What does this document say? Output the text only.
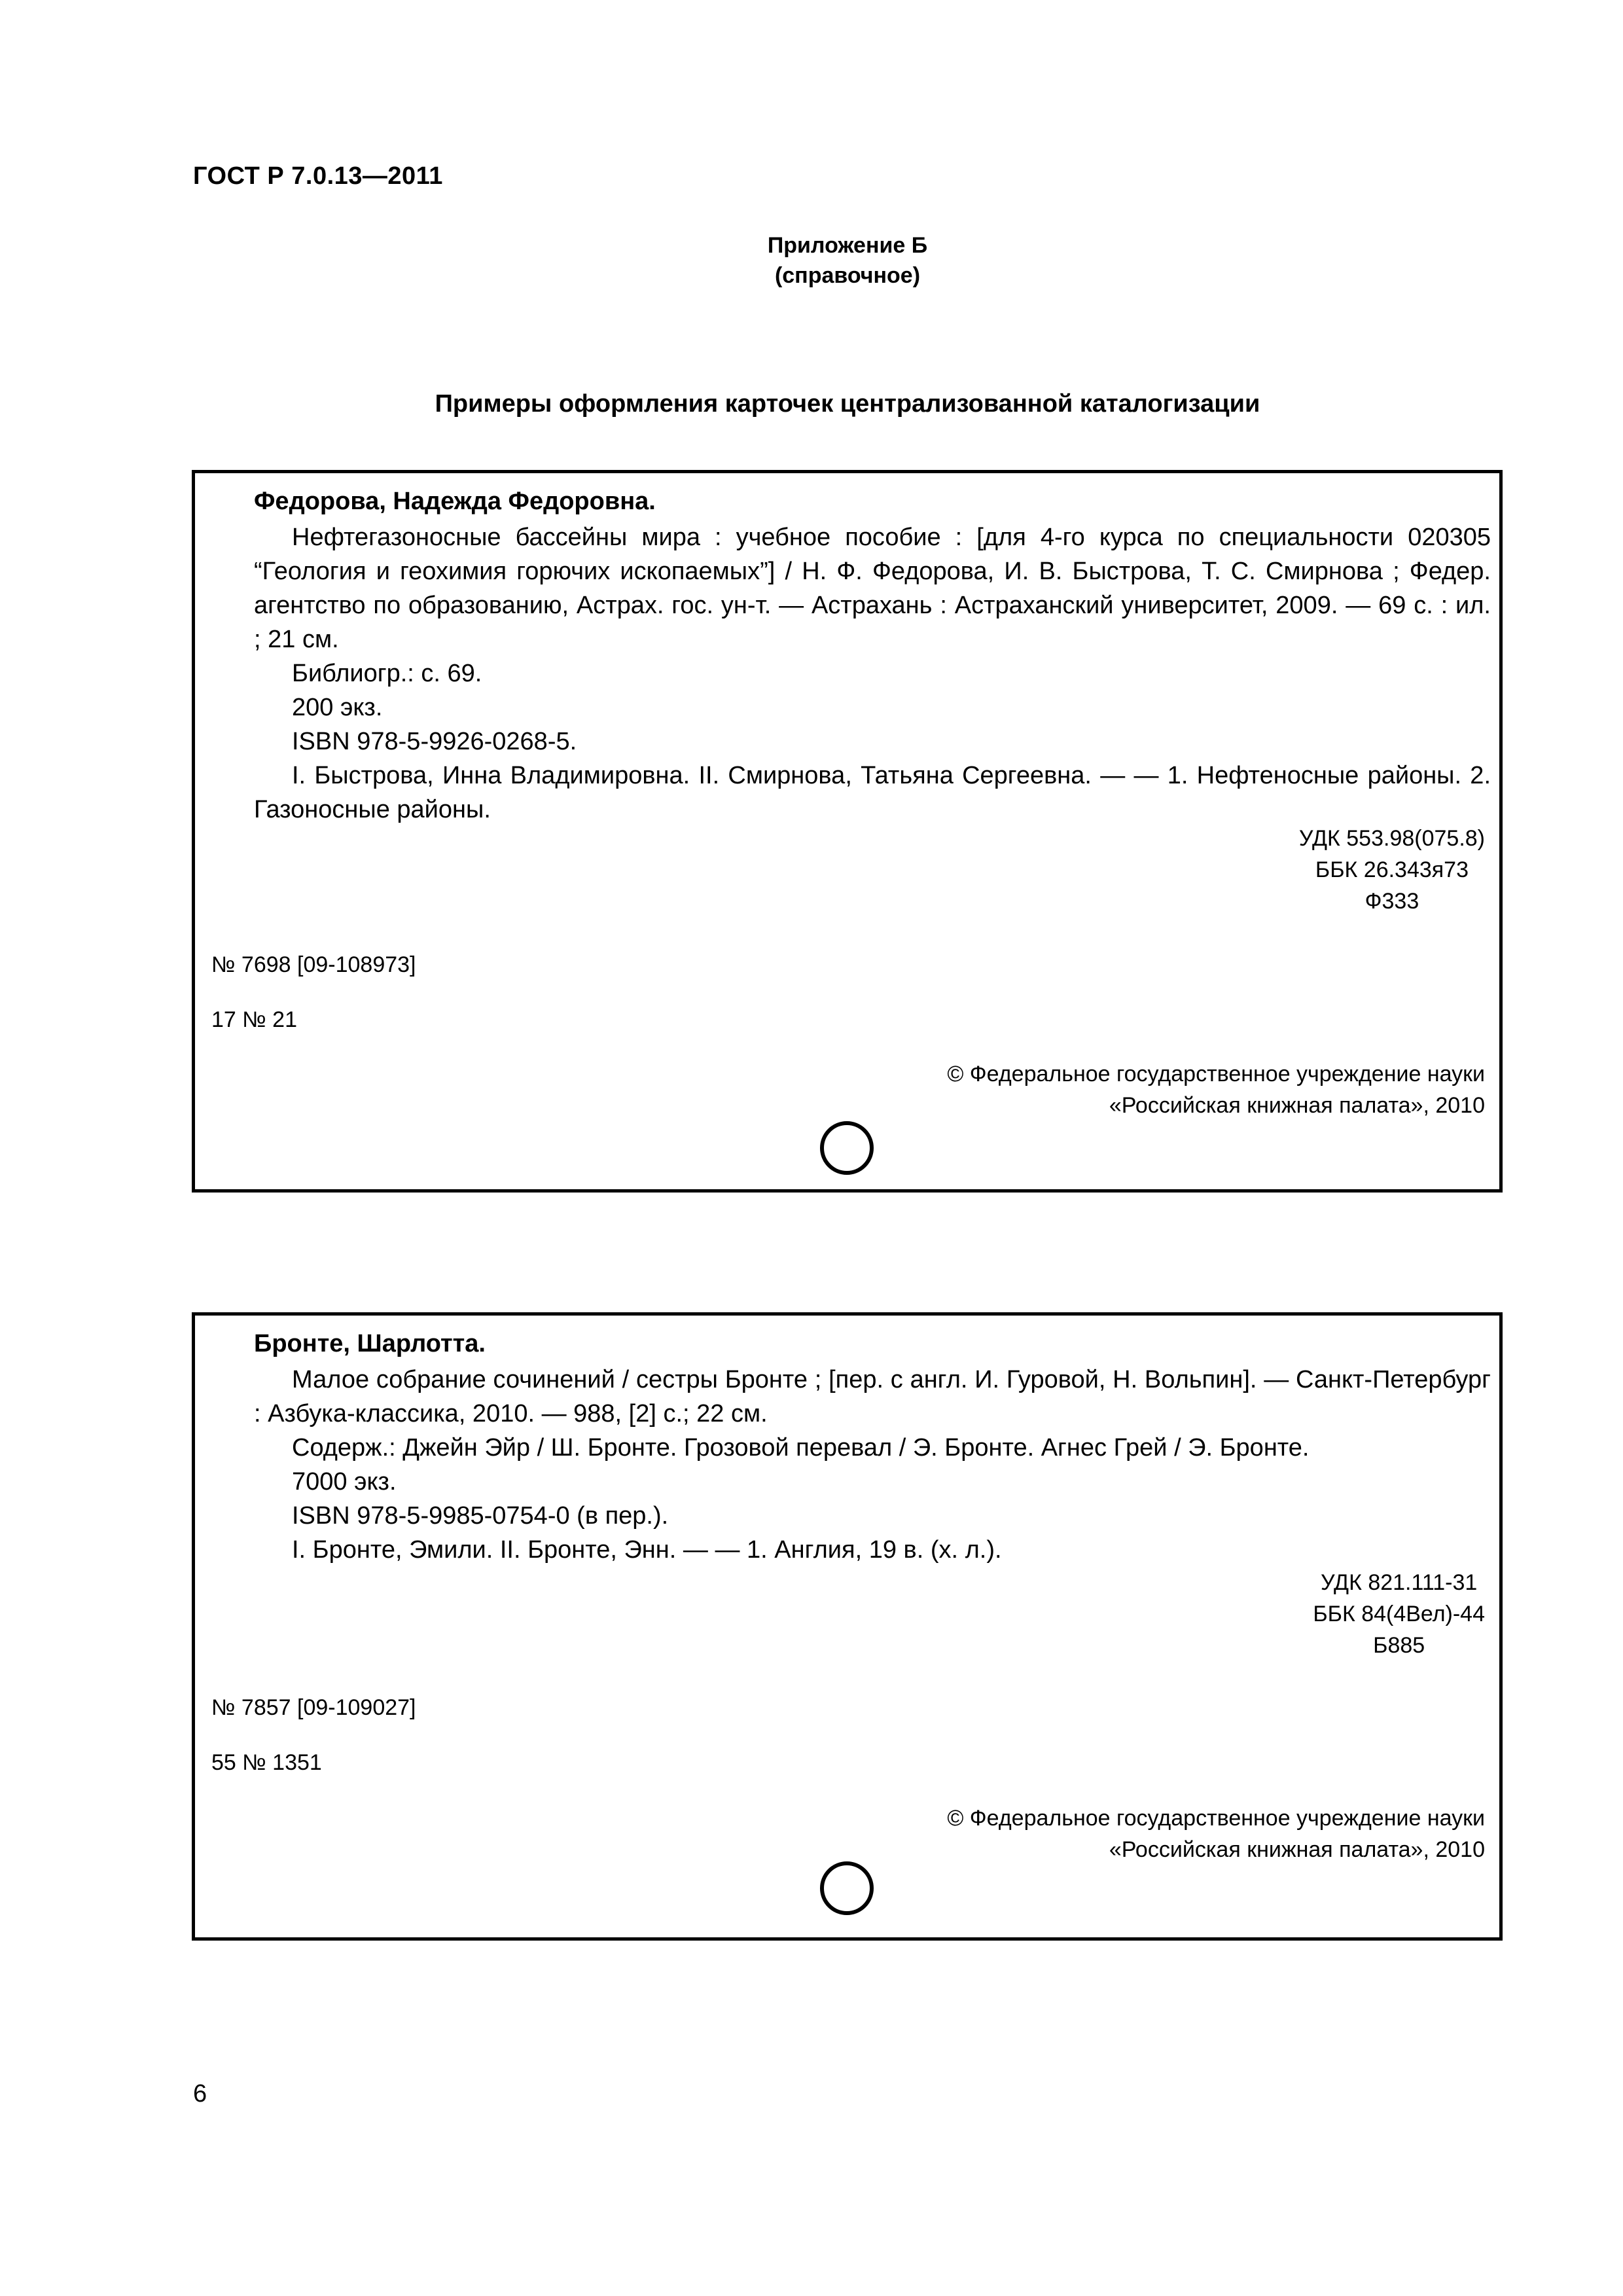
ГОСТ Р 7.0.13—2011
Приложение Б
(справочное)
Примеры оформления карточек централизованной каталогизации
Федорова, Надежда Федоровна.

Нефтегазоносные бассейны мира : учебное пособие : [для 4-го курса по специальности 020305 “Геология и геохимия горючих ископаемых”] / Н. Ф. Федорова, И. В. Быстрова, Т. С. Смирнова ; Федер. агентство по образованию, Астрах. гос. ун-т. — Астрахань : Астраханский университет, 2009. — 69 с. : ил. ; 21 см.

Библиогр.: с. 69.

200 экз.

ISBN 978-5-9926-0268-5.

I. Быстрова, Инна Владимировна. II. Смирнова, Татьяна Сергеевна. — — 1. Нефтеносные районы. 2. Газоносные районы.

УДК 553.98(075.8)
ББК 26.343я73
Ф333
№ 7698 [09-108973]
17 № 21
© Федеральное государственное учреждение науки
«Российская книжная палата», 2010
Бронте, Шарлотта.

Малое собрание сочинений / сестры Бронте ; [пер. с англ. И. Гуровой, Н. Вольпин]. — Санкт-Петербург : Азбука-классика, 2010. — 988, [2] с.; 22 см.

Содерж.: Джейн Эйр / Ш. Бронте. Грозовой перевал / Э. Бронте. Агнес Грей / Э. Бронте.

7000 экз.

ISBN 978-5-9985-0754-0 (в пер.).

I. Бронте, Эмили. II. Бронте, Энн. — — 1. Англия, 19 в. (х. л.).

УДК 821.111-31
ББК 84(4Вел)-44
Б885
№ 7857 [09-109027]
55 № 1351
© Федеральное государственное учреждение науки
«Российская книжная палата», 2010
6
